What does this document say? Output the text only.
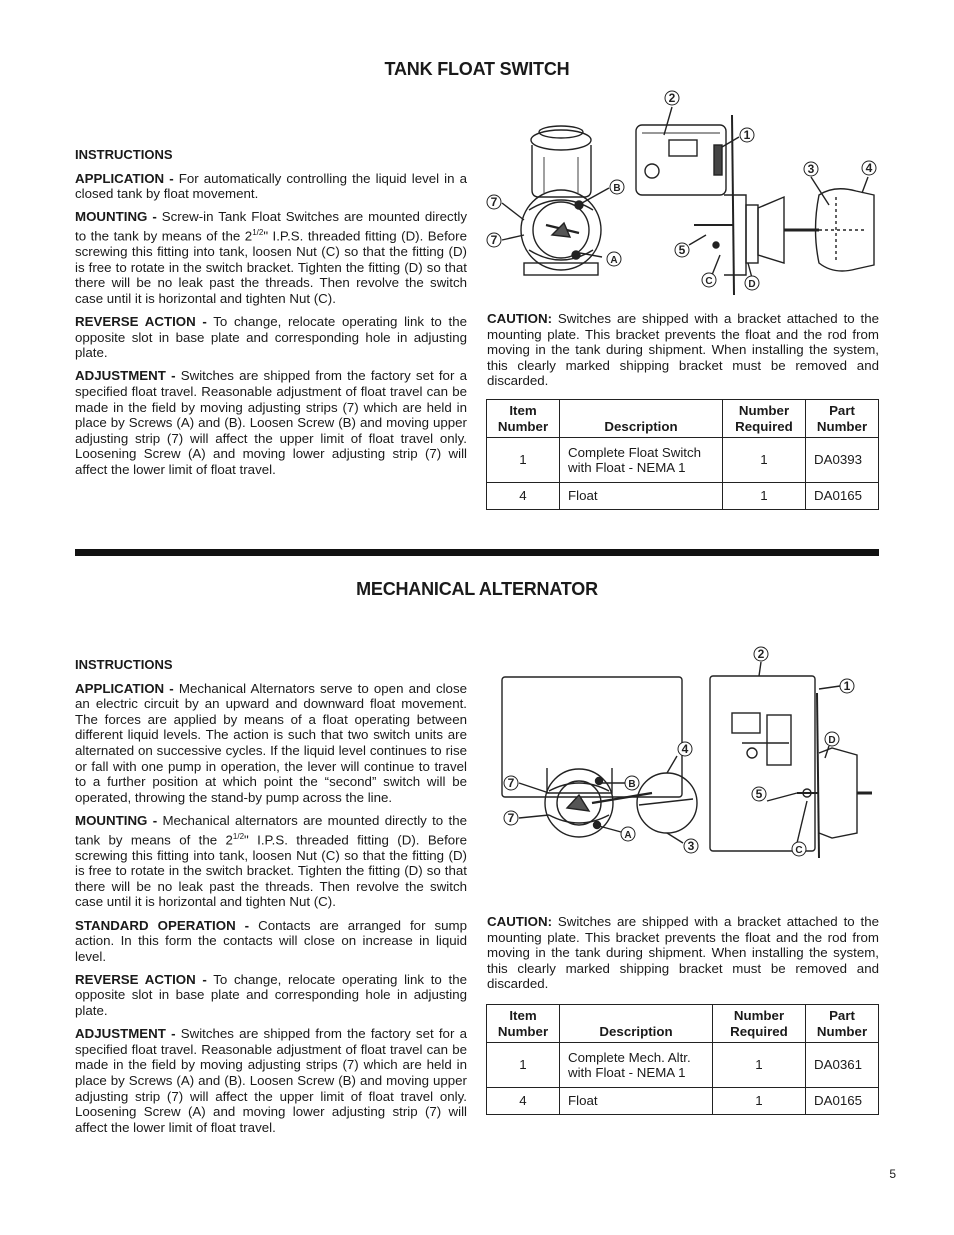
TANK FLOAT SWITCH
INSTRUCTIONS

APPLICATION - For automatically controlling the liquid level in a closed tank by float movement.

MOUNTING - Screw-in Tank Float Switches are mounted directly to the tank by means of the $2^{1/2}$" I.P.S. threaded fitting (D). Before screwing this fitting into tank, loosen Nut (C) so that the fitting (D) is free to rotate in the switch bracket. Tighten the fitting (D) so that there will be no leak past the threads. Then revolve the switch case until it is horizontal and tighten Nut (C).

REVERSE ACTION - To change, relocate operating link to the opposite slot in base plate and corresponding hole in adjusting plate.

ADJUSTMENT - Switches are shipped from the factory set for a specified float travel. Reasonable adjustment of float travel can be made in the field by moving adjusting strips (7) which are held in place by Screws (A) and (B). Loosen Screw (B) and moving upper adjusting strip (7) will affect the upper limit of float travel only. Loosening Screw (A) and moving lower adjusting strip (7) will affect the lower limit of float travel.

2
1
3	4
B
7
7
5
A
C	D

CAUTION: Switches are shipped with a bracket attached to the mounting plate. This bracket prevents the float and the rod from moving in the tank during shipment. When installing the system, this clearly marked shipping bracket must be removed and discarded.

Item Number	Description	Number Required	Part Number
1	Complete Float Switch with Float - NEMA 1	1	DA0393
4	Float	1	DA0165
MECHANICAL ALTERNATOR
INSTRUCTIONS

APPLICATION - Mechanical Alternators serve to open and close an electric circuit by an upward and downward float movement. The forces are applied by means of a float operating between different liquid levels. The action is such that two switch units are alternated on successive cycles. If the liquid level continues to rise or fall with one pump in operation, the lever will continue to travel to a further position at which point the “second” switch will be operated, throwing the stand-by pump across the line.

MOUNTING - Mechanical alternators are mounted directly to the tank by means of the $2^{1/2}$" I.P.S. threaded fitting (D). Before screwing this fitting into tank, loosen Nut (C) so that the fitting (D) is free to rotate in the switch bracket. Tighten the fitting (D) so that there will be no leak past the threads. Then revolve the switch case until it is horizontal and tighten Nut (C).

STANDARD OPERATION - Contacts are arranged for sump action. In this form the contacts will close on increase in liquid level.

REVERSE ACTION - To change, relocate operating link to the opposite slot in base plate and corresponding hole in adjusting plate.

ADJUSTMENT - Switches are shipped from the factory set for a specified float travel. Reasonable adjustment of float travel can be made in the field by moving adjusting strips (7) which are held in place by Screws (A) and (B). Loosen Screw (B) and moving upper adjusting strip (7) will affect the upper limit of float travel only. Loosening Screw (A) and moving lower adjusting strip (7) will affect the lower limit of float travel.

2
1
4
D
7	B
7
A
3
5
C

CAUTION: Switches are shipped with a bracket attached to the mounting plate. This bracket prevents the float and the rod from moving in the tank during shipment. When installing the system, this clearly marked shipping bracket must be removed and discarded.

Item Number	Description	Number Required	Part Number
1	Complete Mech. Altr. with Float - NEMA 1	1	DA0361
4	Float	1	DA0165
5
